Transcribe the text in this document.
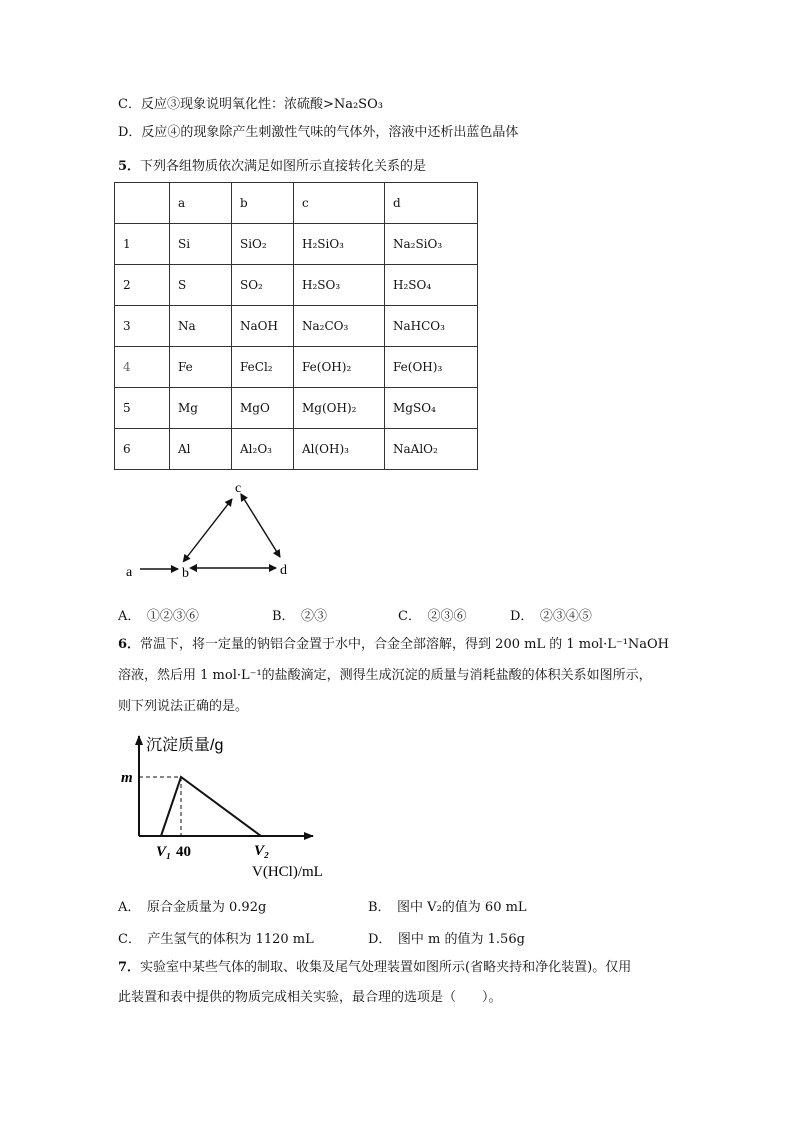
C．反应③现象说明氧化性：浓硫酸>Na₂SO₃
D．反应④的现象除产生刺激性气味的气体外，溶液中还析出蓝色晶体
5．下列各组物质依次满足如图所示直接转化关系的是
	a	b	c	d
1	Si	SiO₂	H₂SiO₃	Na₂SiO₃
2	S	SO₂	H₂SO₃	H₂SO₄
3	Na	NaOH	Na₂CO₃	NaHCO₃
4	Fe	FeCl₂	Fe(OH)₂	Fe(OH)₃
5	Mg	MgO	Mg(OH)₂	MgSO₄
6	Al	Al₂O₃	Al(OH)₃	NaAlO₂
c
a	b	d
A．　①②③⑥	B．　②③	C．　②③⑥	D．　②③④⑤
6．常温下，将一定量的钠铝合金置于水中，合金全部溶解，得到 200 mL 的 1 mol·L⁻¹NaOH
溶液，然后用 1 mol·L⁻¹的盐酸滴定，测得生成沉淀的质量与消耗盐酸的体积关系如图所示，
则下列说法正确的是。
沉淀质量/g
m
V₁ 40	V₂
V(HCl)/mL
A．　原合金质量为 0.92g	B．　图中 V₂的值为 60 mL
C．　产生氢气的体积为 1120 mL	D．　图中 m 的值为 1.56g
7．实验室中某些气体的制取、收集及尾气处理装置如图所示(省略夹持和净化装置)。仅用
此装置和表中提供的物质完成相关实验，最合理的选项是（　　）。
